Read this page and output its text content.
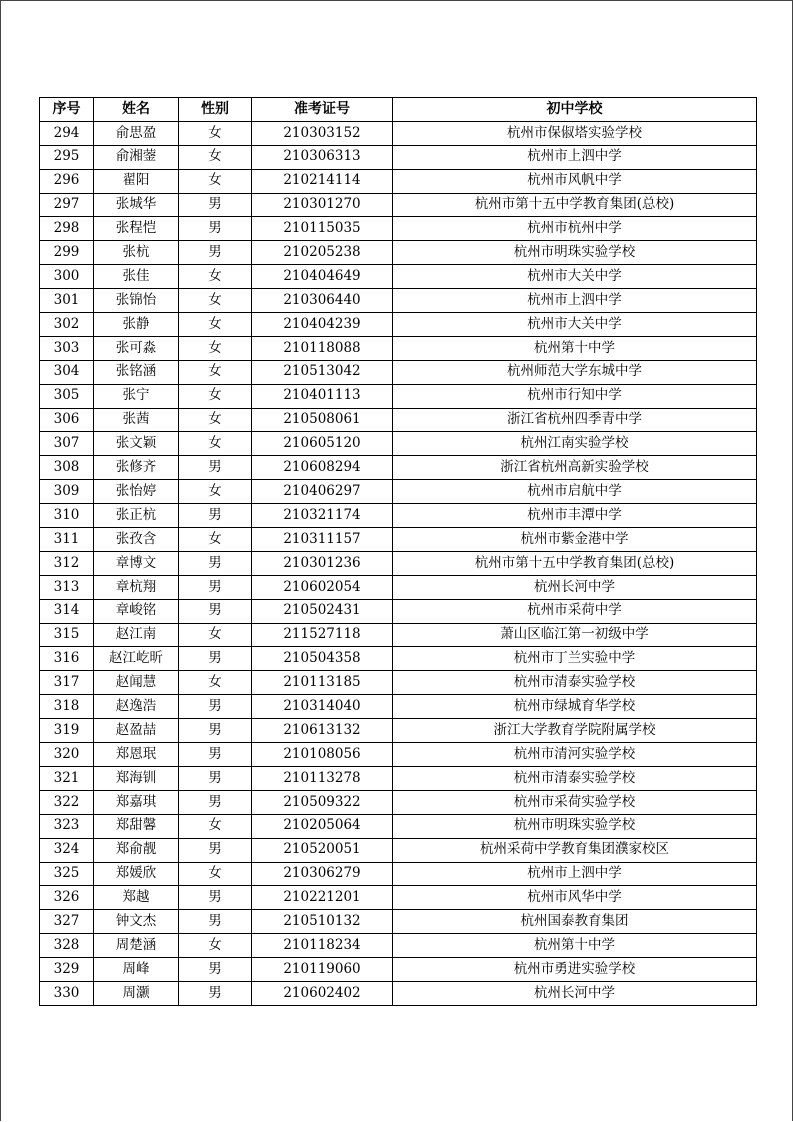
序号	姓名	性别	准考证号	初中学校
294	俞思盈	女	210303152	杭州市保俶塔实验学校
295	俞湘蓥	女	210306313	杭州市上泗中学
296	翟阳	女	210214114	杭州市风帆中学
297	张城华	男	210301270	杭州市第十五中学教育集团(总校)
298	张程恺	男	210115035	杭州市杭州中学
299	张杭	男	210205238	杭州市明珠实验学校
300	张佳	女	210404649	杭州市大关中学
301	张锦怡	女	210306440	杭州市上泗中学
302	张静	女	210404239	杭州市大关中学
303	张可淼	女	210118088	杭州第十中学
304	张铭涵	女	210513042	杭州师范大学东城中学
305	张宁	女	210401113	杭州市行知中学
306	张茜	女	210508061	浙江省杭州四季青中学
307	张文颖	女	210605120	杭州江南实验学校
308	张修齐	男	210608294	浙江省杭州高新实验学校
309	张怡婷	女	210406297	杭州市启航中学
310	张正杭	男	210321174	杭州市丰潭中学
311	张孜含	女	210311157	杭州市紫金港中学
312	章博文	男	210301236	杭州市第十五中学教育集团(总校)
313	章杭翔	男	210602054	杭州长河中学
314	章峻铭	男	210502431	杭州市采荷中学
315	赵江南	女	211527118	萧山区临江第一初级中学
316	赵江屹昕	男	210504358	杭州市丁兰实验中学
317	赵闻慧	女	210113185	杭州市清泰实验学校
318	赵逸浩	男	210314040	杭州市绿城育华学校
319	赵盈喆	男	210613132	浙江大学教育学院附属学校
320	郑恩珉	男	210108056	杭州市清河实验学校
321	郑海钏	男	210113278	杭州市清泰实验学校
322	郑嘉琪	男	210509322	杭州市采荷实验学校
323	郑甜馨	女	210205064	杭州市明珠实验学校
324	郑俞靓	男	210520051	杭州采荷中学教育集团濮家校区
325	郑媛欣	女	210306279	杭州市上泗中学
326	郑越	男	210221201	杭州市风华中学
327	钟文杰	男	210510132	杭州国泰教育集团
328	周楚涵	女	210118234	杭州第十中学
329	周峰	男	210119060	杭州市勇进实验学校
330	周灏	男	210602402	杭州长河中学
